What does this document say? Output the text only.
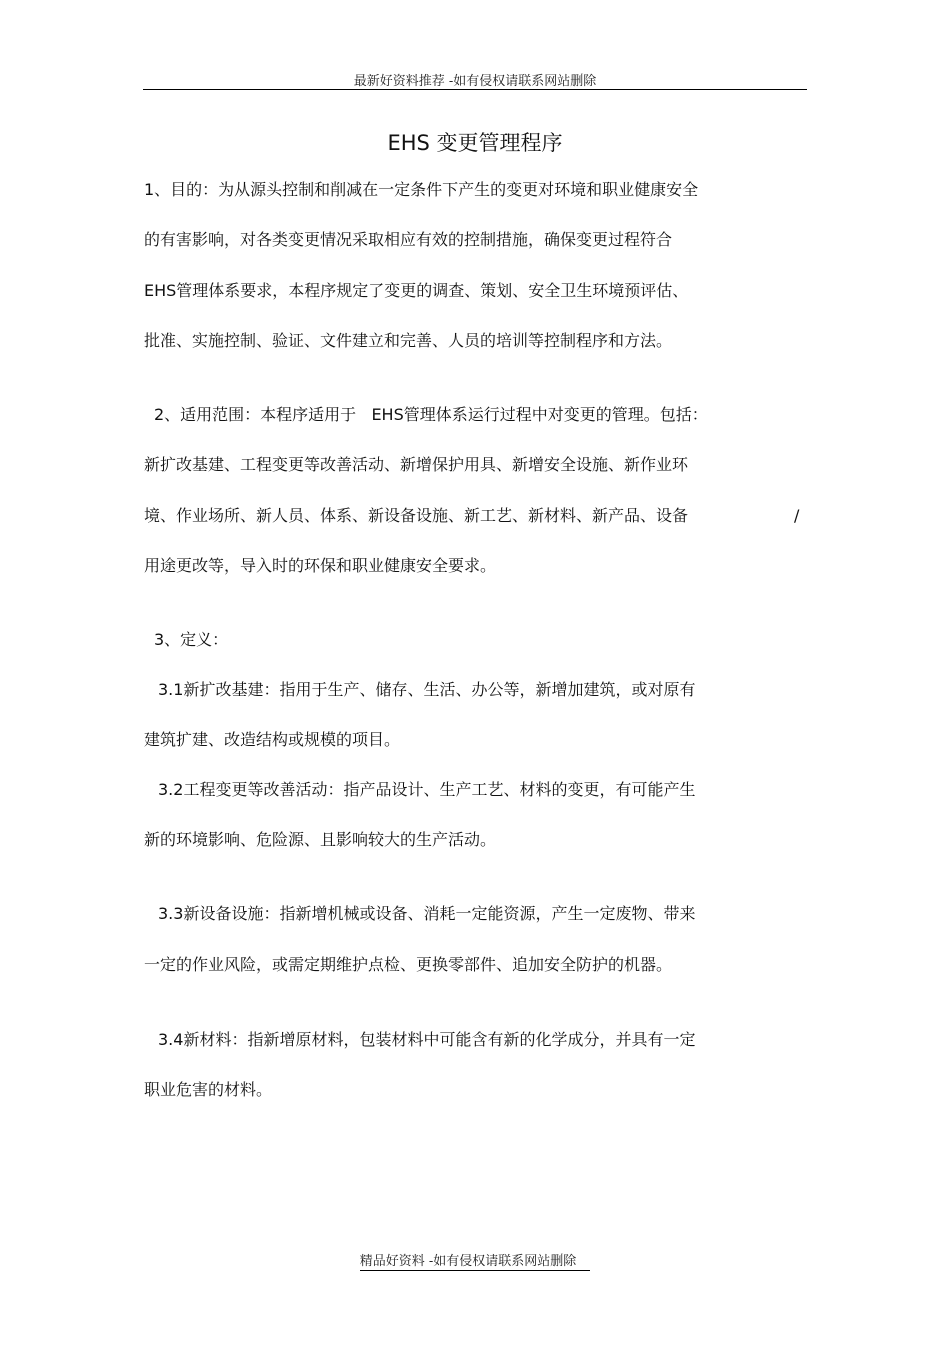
最新好资料推荐 -如有侵权请联系网站删除
EHS 变更管理程序
1、目的：为从源头控制和削减在一定条件下产生的变更对环境和职业健康安全
的有害影响，对各类变更情况采取相应有效的控制措施，确保变更过程符合
EHS管理体系要求，本程序规定了变更的调查、策划、安全卫生环境预评估、
批准、实施控制、验证、文件建立和完善、人员的培训等控制程序和方法。
2、适用范围：本程序适用于   EHS管理体系运行过程中对变更的管理。包括：
新扩改基建、工程变更等改善活动、新增保护用具、新增安全设施、新作业环
境、作业场所、新人员、体系、新设备设施、新工艺、新材料、新产品、设备	/
用途更改等，导入时的环保和职业健康安全要求。
3、定义：
3.1新扩改基建：指用于生产、储存、生活、办公等，新增加建筑，或对原有
建筑扩建、改造结构或规模的项目。
3.2工程变更等改善活动：指产品设计、生产工艺、材料的变更，有可能产生
新的环境影响、危险源、且影响较大的生产活动。
3.3新设备设施：指新增机械或设备、消耗一定能资源，产生一定废物、带来
一定的作业风险，或需定期维护点检、更换零部件、追加安全防护的机器。
3.4新材料：指新增原材料，包装材料中可能含有新的化学成分，并具有一定
职业危害的材料。
精品好资料 -如有侵权请联系网站删除
